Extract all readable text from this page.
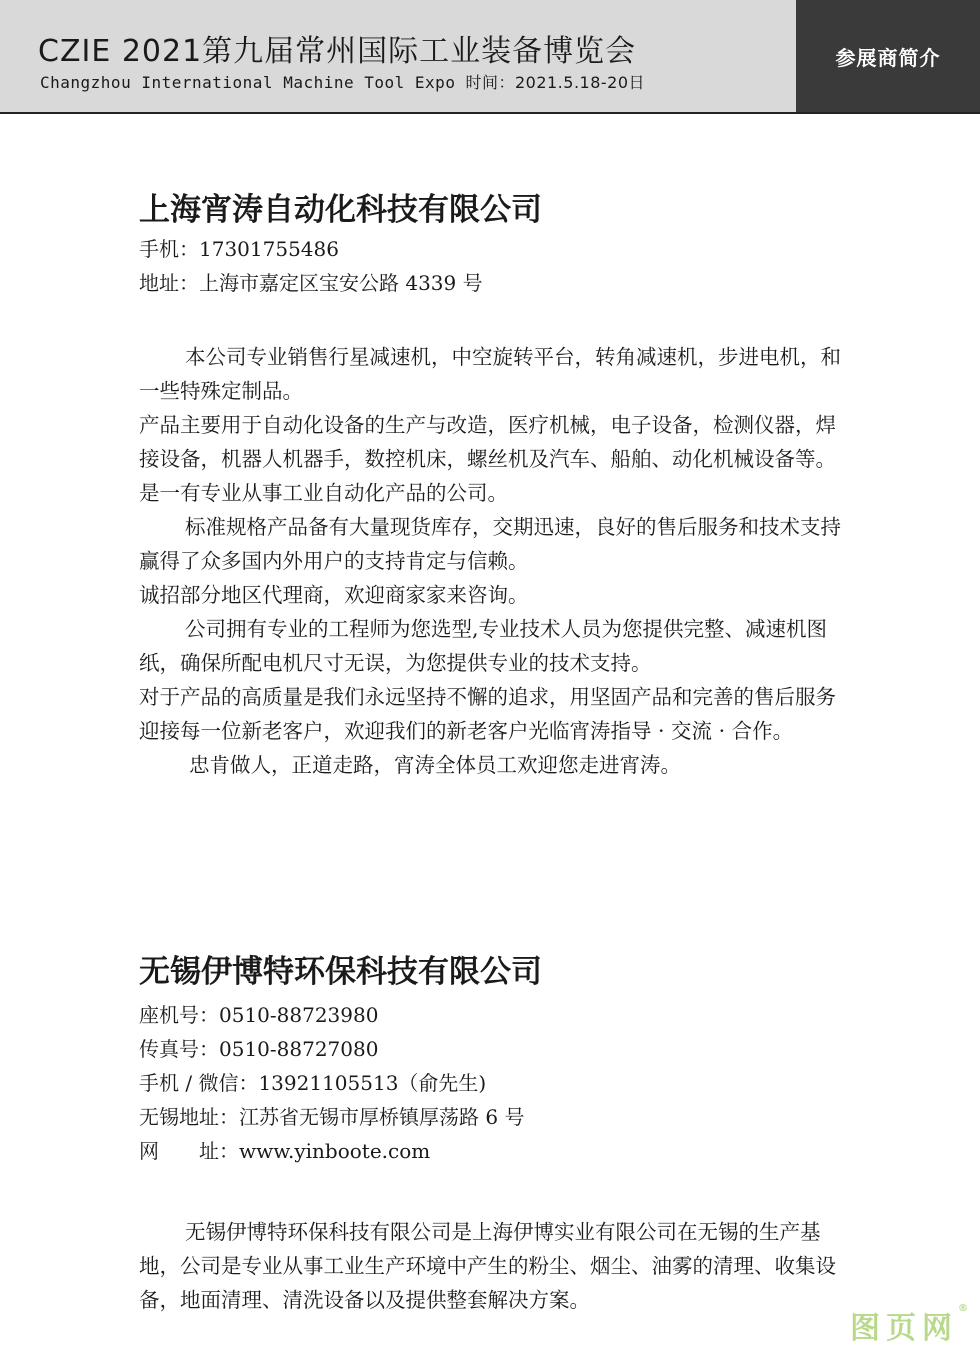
CZIE 2021第九届常州国际工业装备博览会
Changzhou International Machine Tool Expo 时间：2021.5.18-20日
参展商简介
上海宵涛自动化科技有限公司
手机：17301755486
地址：上海市嘉定区宝安公路 4339 号

本公司专业销售行星减速机，中空旋转平台，转角减速机，步进电机，和一些特殊定制品。

产品主要用于自动化设备的生产与改造，医疗机械，电子设备，检测仪器，焊接设备，机器人机器手，数控机床，螺丝机及汽车、船舶、动化机械设备等。是一有专业从事工业自动化产品的公司。

标准规格产品备有大量现货库存，交期迅速，良好的售后服务和技术支持赢得了众多国内外用户的支持肯定与信赖。

诚招部分地区代理商，欢迎商家家来咨询。

公司拥有专业的工程师为您选型,专业技术人员为您提供完整、减速机图纸，确保所配电机尺寸无误，为您提供专业的技术支持。

对于产品的高质量是我们永远坚持不懈的追求，用坚固产品和完善的售后服务迎接每一位新老客户，欢迎我们的新老客户光临宵涛指导 · 交流 · 合作。

忠肯做人，正道走路，宵涛全体员工欢迎您走进宵涛。

无锡伊博特环保科技有限公司
座机号：0510-88723980
传真号：0510-88727080
手机 / 微信：13921105513（俞先生)
无锡地址：江苏省无锡市厚桥镇厚荡路 6 号
网　　址：www.yinboote.com

无锡伊博特环保科技有限公司是上海伊博实业有限公司在无锡的生产基地，公司是专业从事工业生产环境中产生的粉尘、烟尘、油雾的清理、收集设备，地面清理、清洗设备以及提供整套解决方案。

图页网®
